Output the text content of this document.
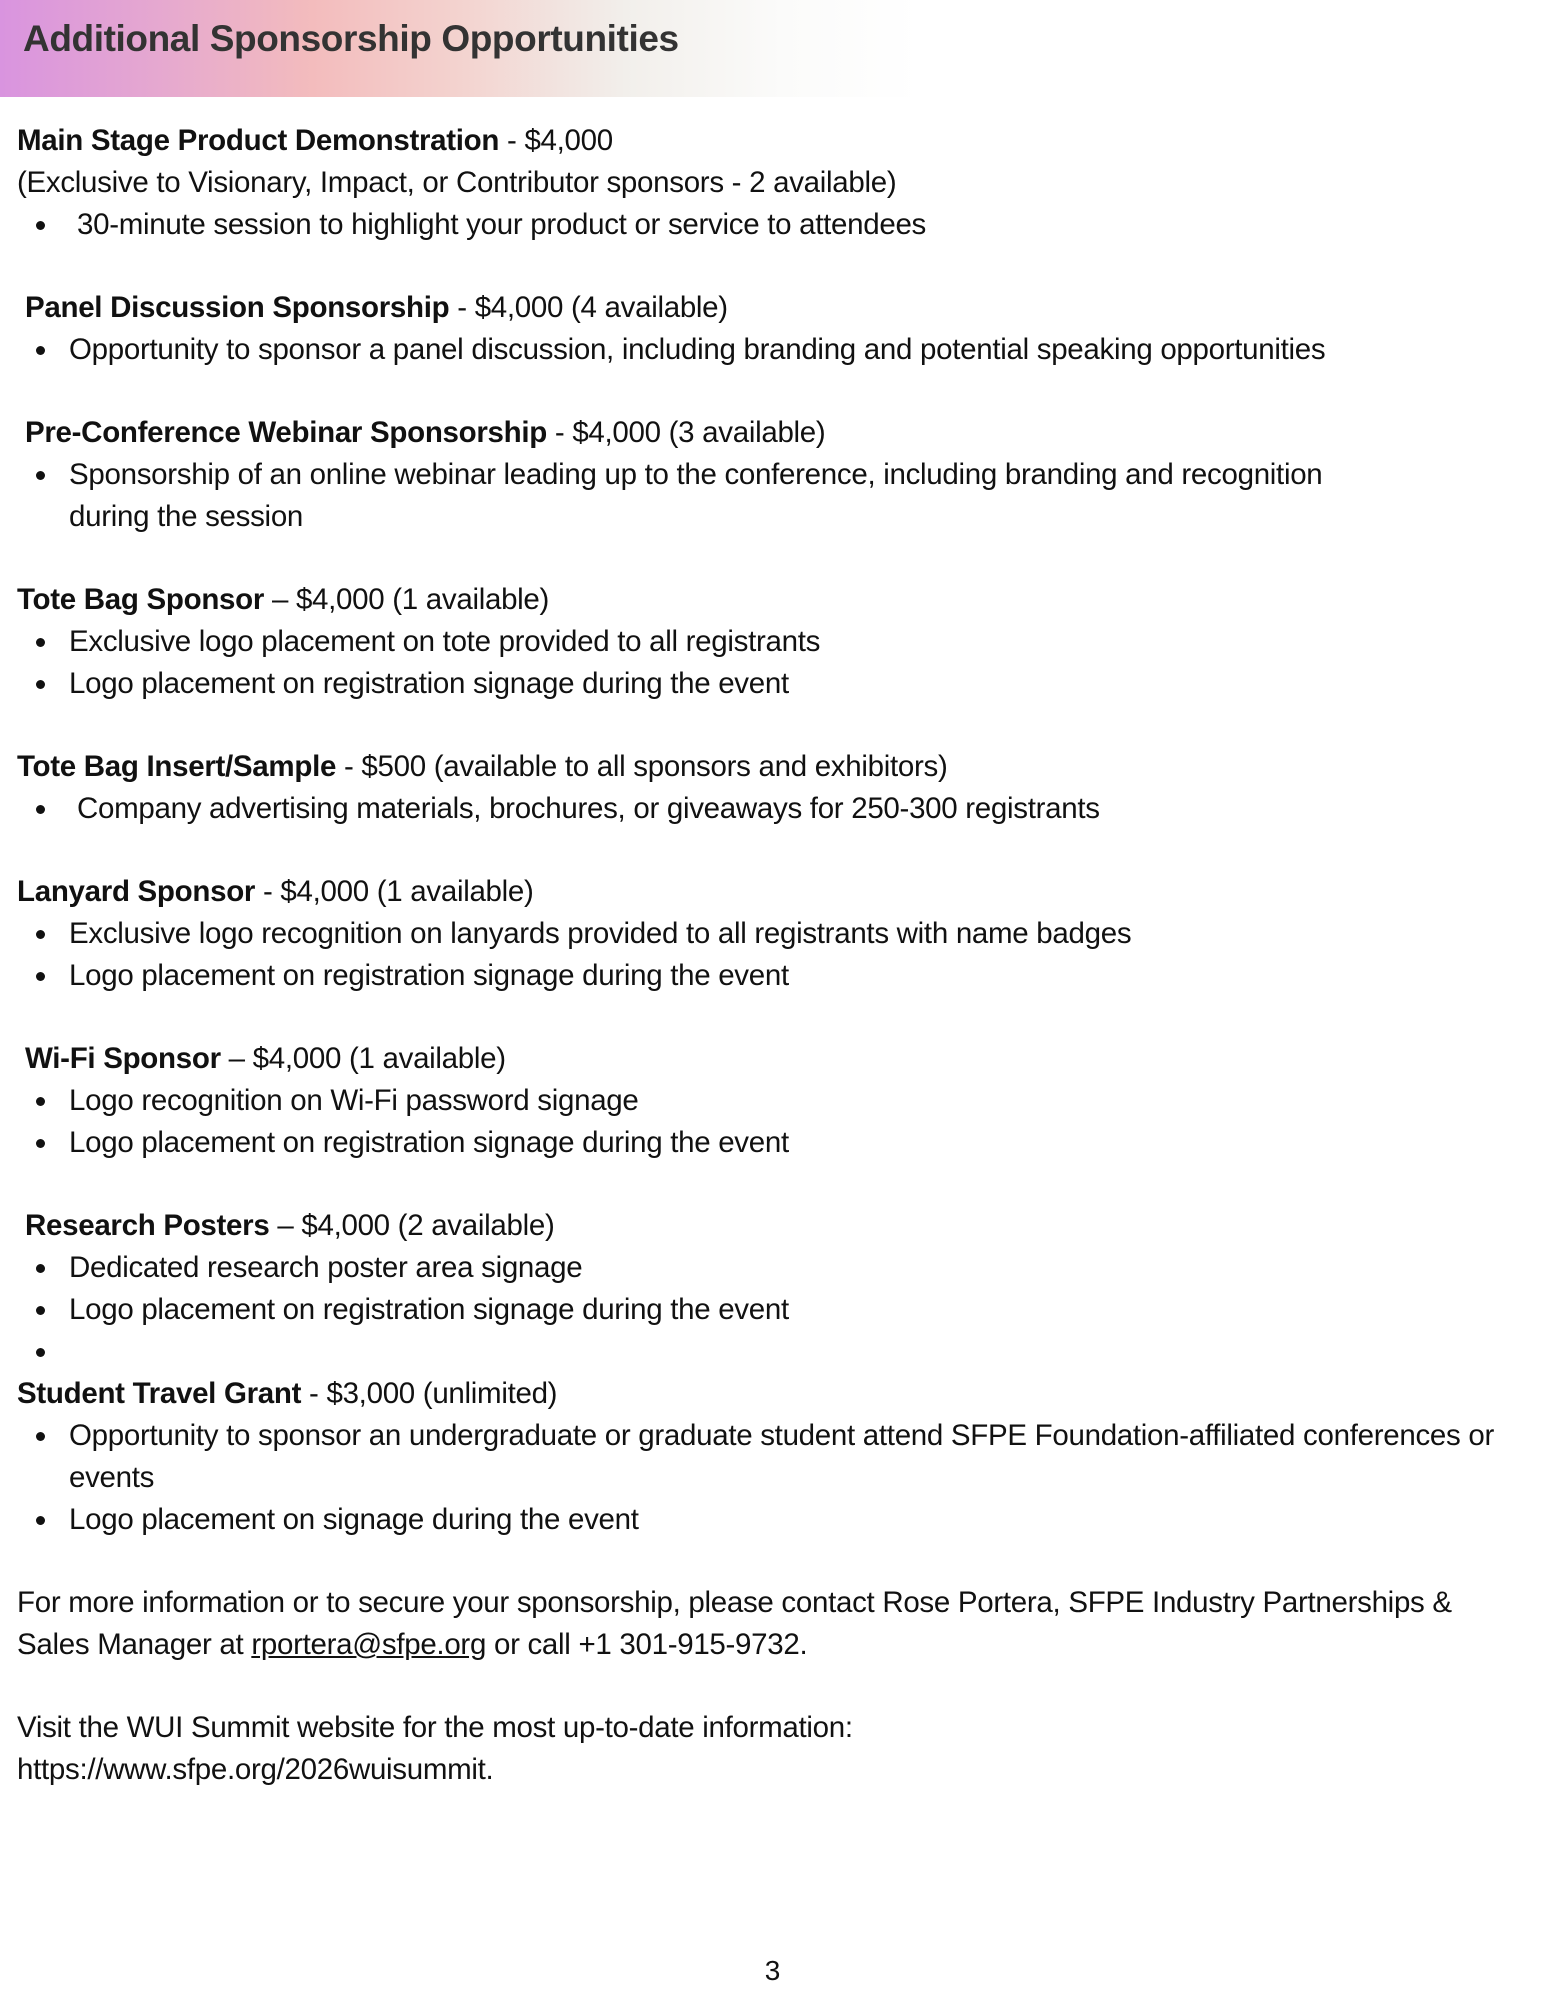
Additional Sponsorship Opportunities
Main Stage Product Demonstration - $4,000
(Exclusive to Visionary, Impact, or Contributor sponsors - 2 available)
30-minute session to highlight your product or service to attendees
Panel Discussion Sponsorship - $4,000 (4 available)
Opportunity to sponsor a panel discussion, including branding and potential speaking opportunities
Pre-Conference Webinar Sponsorship - $4,000 (3 available)
Sponsorship of an online webinar leading up to the conference, including branding and recognition during the session
Tote Bag Sponsor – $4,000 (1 available)
Exclusive logo placement on tote provided to all registrants
Logo placement on registration signage during the event
Tote Bag Insert/Sample - $500 (available to all sponsors and exhibitors)
Company advertising materials, brochures, or giveaways for 250-300 registrants
Lanyard Sponsor - $4,000 (1 available)
Exclusive logo recognition on lanyards provided to all registrants with name badges
Logo placement on registration signage during the event
Wi-Fi Sponsor – $4,000 (1 available)
Logo recognition on Wi-Fi password signage
Logo placement on registration signage during the event
Research Posters – $4,000 (2 available)
Dedicated research poster area signage
Logo placement on registration signage during the event
Student Travel Grant - $3,000 (unlimited)
Opportunity to sponsor an undergraduate or graduate student attend SFPE Foundation-affiliated conferences or events
Logo placement on signage during the event
For more information or to secure your sponsorship, please contact Rose Portera, SFPE Industry Partnerships & Sales Manager at rportera@sfpe.org or call +1 301-915-9732.
Visit the WUI Summit website for the most up-to-date information:
https://www.sfpe.org/2026wuisummit.
3
